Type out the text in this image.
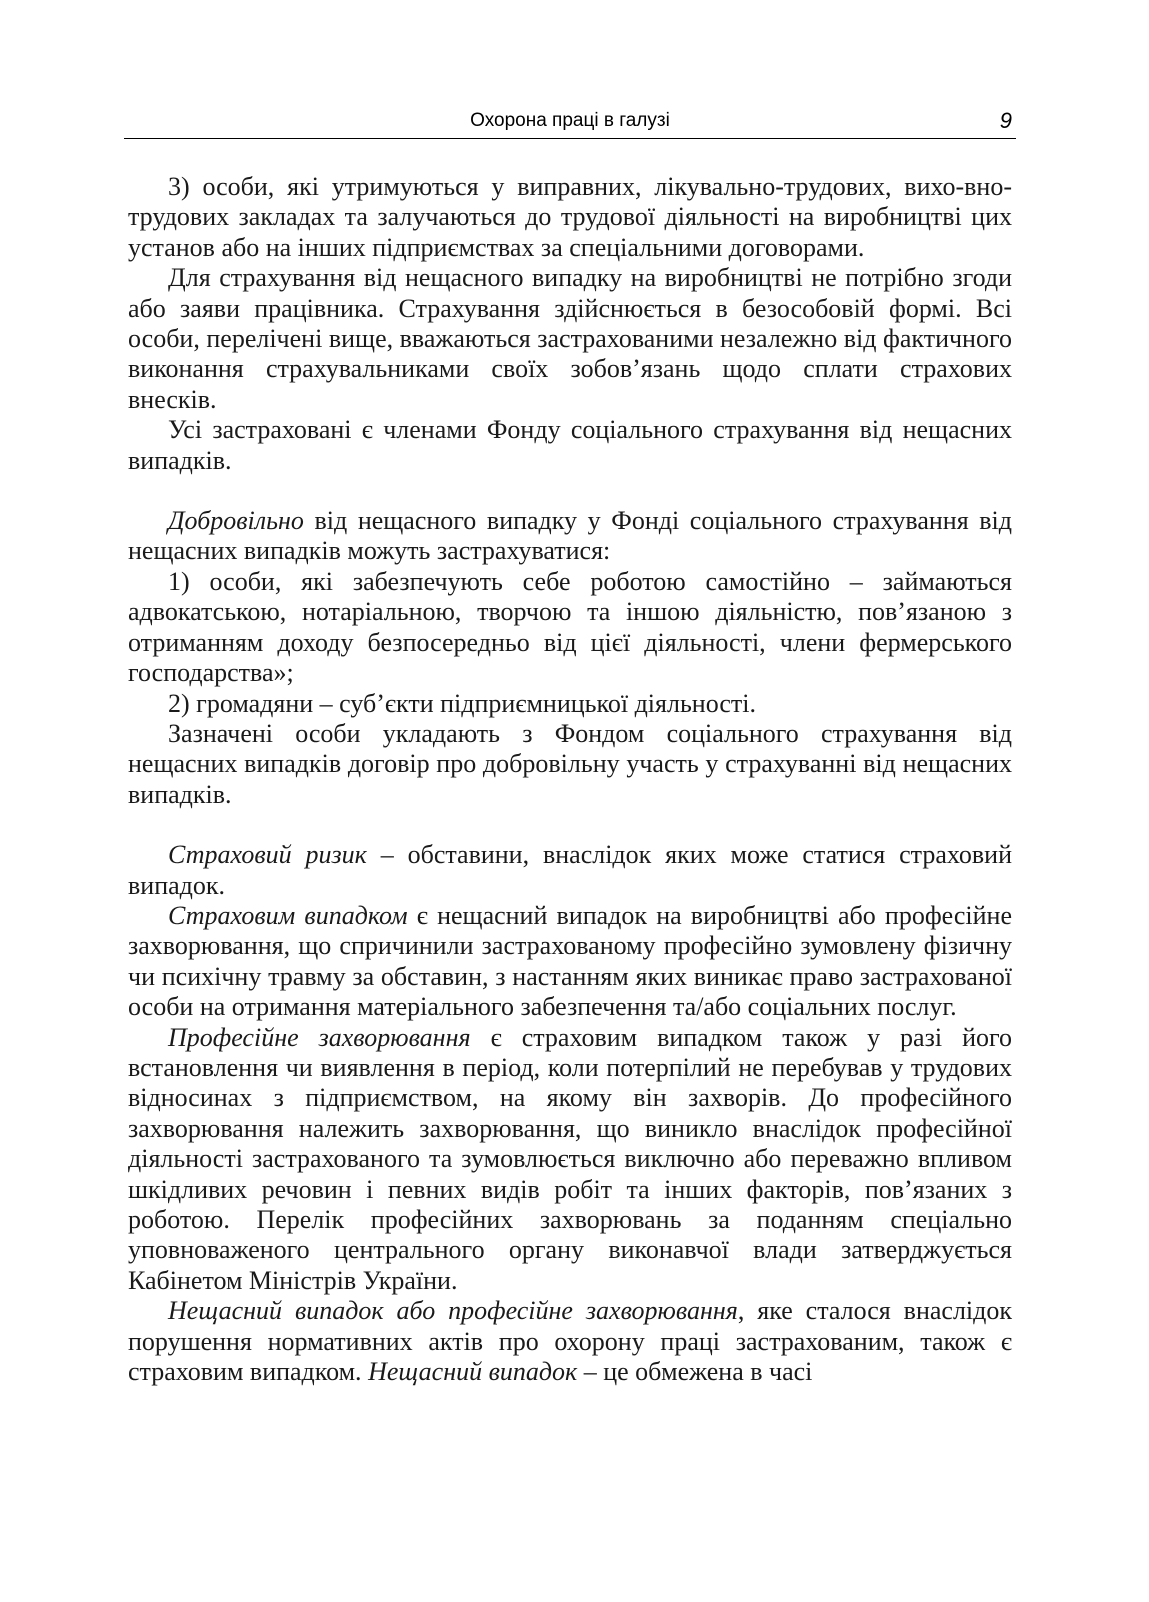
Охорона праці в галузі	9

3) особи, які утримуються у виправних, лікувально-трудових, вихо-вно-трудових закладах та залучаються до трудової діяльності на виробництві цих установ або на інших підприємствах за спеціальними договорами.

Для страхування від нещасного випадку на виробництві не потрібно згоди або заяви працівника. Страхування здійснюється в безособовій формі. Всі особи, перелічені вище, вважаються застрахованими незалежно від фактичного виконання страхувальниками своїх зобов’язань щодо сплати страхових внесків.

Усі застраховані є членами Фонду соціального страхування від нещасних випадків.

Добровільно від нещасного випадку у Фонді соціального страхування від нещасних випадків можуть застрахуватися:

1) особи, які забезпечують себе роботою самостійно – займаються адвокатською, нотаріальною, творчою та іншою діяльністю, пов’язаною з отриманням доходу безпосередньо від цієї діяльності, члени фермерського господарства»;

2) громадяни – суб’єкти підприємницької діяльності.

Зазначені особи укладають з Фондом соціального страхування від нещасних випадків договір про добровільну участь у страхуванні від нещасних випадків.

Страховий ризик – обставини, внаслідок яких може статися страховий випадок.

Страховим випадком є нещасний випадок на виробництві або професійне захворювання, що спричинили застрахованому професійно зумовлену фізичну чи психічну травму за обставин, з настанням яких виникає право застрахованої особи на отримання матеріального забезпечення та/або соціальних послуг.

Професійне захворювання є страховим випадком також у разі його встановлення чи виявлення в період, коли потерпілий не перебував у трудових відносинах з підприємством, на якому він захворів. До професійного захворювання належить захворювання, що виникло внаслідок професійної діяльності застрахованого та зумовлюється виключно або переважно впливом шкідливих речовин і певних видів робіт та інших факторів, пов’язаних з роботою. Перелік професійних захворювань за поданням спеціально уповноваженого центрального органу виконавчої влади затверджується Кабінетом Міністрів України.

Нещасний випадок або професійне захворювання, яке сталося внаслідок порушення нормативних актів про охорону праці застрахованим, також є страховим випадком. Нещасний випадок – це обмежена в часі
